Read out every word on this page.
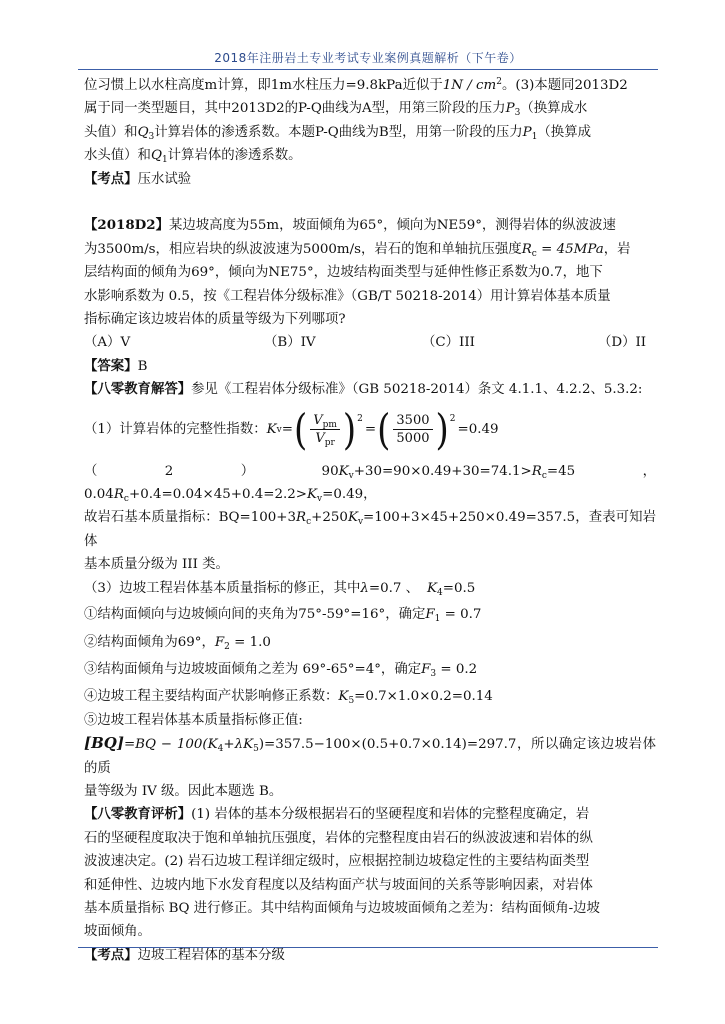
2018年注册岩土专业考试专业案例真题解析（下午卷）
位习惯上以水柱高度m计算，即1m水柱压力=9.8kPa近似于$1N / cm^2$。(3)本题同2013D2
属于同一类型题目，其中2013D2的P-Q曲线为A型，用第三阶段的压力$P_3$（换算成水
头值）和$Q_3$计算岩体的渗透系数。本题P-Q曲线为B型，用第一阶段的压力$P_1$（换算成
水头值）和$Q_1$计算岩体的渗透系数。
【考点】压水试验
【2018D2】某边坡高度为55m，坡面倾角为65°，倾向为NE59°，测得岩体的纵波波速
为3500m/s，相应岩块的纵波波速为5000m/s，岩石的饱和单轴抗压强度$R_c = 45MPa$，岩
层结构面的倾角为69°，倾向为NE75°，边坡结构面类型与延伸性修正系数为0.7，地下
水影响系数为 0.5，按《工程岩体分级标准》（GB/T 50218-2014）用计算岩体基本质量
指标确定该边坡岩体的质量等级为下列哪项?
（A）V	（B）IV	（C）III	（D）II
【答案】B
【八零教育解答】参见《工程岩体分级标准》（GB 50218-2014）条文 4.1.1、4.2.2、5.3.2:
（1）计算岩体的完整性指数： K v = ( $\frac{V_{pm}}{V_{pr}}$ ) 2
= ( $\frac{3500}{5000}$ ) 2
=0.49
$(2)90K_v+30=90\times 0.49+30=74.1>R_c=45$，$0.04R_c+0.4=0.04\times 45+0.4=2.2>K_v=0.49$，
故岩石基本质量指标：$BQ=100+3R_c+250K_v=100+3\times 45+250\times 0.49=357.5$，查表可知岩体
基本质量分级为 III 类。
（3）边坡工程岩体基本质量指标的修正，其中λ=0.7 、 $K_4=0.5$
①结构面倾向与边坡倾向间的夹角为75°-59°=16°，确定$F_1 = 0.7$
②结构面倾角为69°，$F_2 = 1.0$
③结构面倾角与边坡坡面倾角之差为 69°-65°=4°，确定$F_3 = 0.2$
④边坡工程主要结构面产状影响修正系数：$K_5=0.7\times 1.0\times 0.2=0.14$
⑤边坡工程岩体基本质量指标修正值:
$[BQ]=BQ - 100(K_4+\lambda K_5)=357.5-100\times(0.5+0.7\times 0.14)=297.7$，所以确定该边坡岩体的质
量等级为 IV 级。因此本题选 B。
【八零教育评析】(1) 岩体的基本分级根据岩石的坚硬程度和岩体的完整程度确定，岩
石的坚硬程度取决于饱和单轴抗压强度，岩体的完整程度由岩石的纵波波速和岩体的纵
波波速决定。(2) 岩石边坡工程详细定级时，应根据控制边坡稳定性的主要结构面类型
和延伸性、边坡内地下水发育程度以及结构面产状与坡面间的关系等影响因素，对岩体
基本质量指标 BQ 进行修正。其中结构面倾角与边坡坡面倾角之差为：结构面倾角-边坡
坡面倾角。
【考点】边坡工程岩体的基本分级
